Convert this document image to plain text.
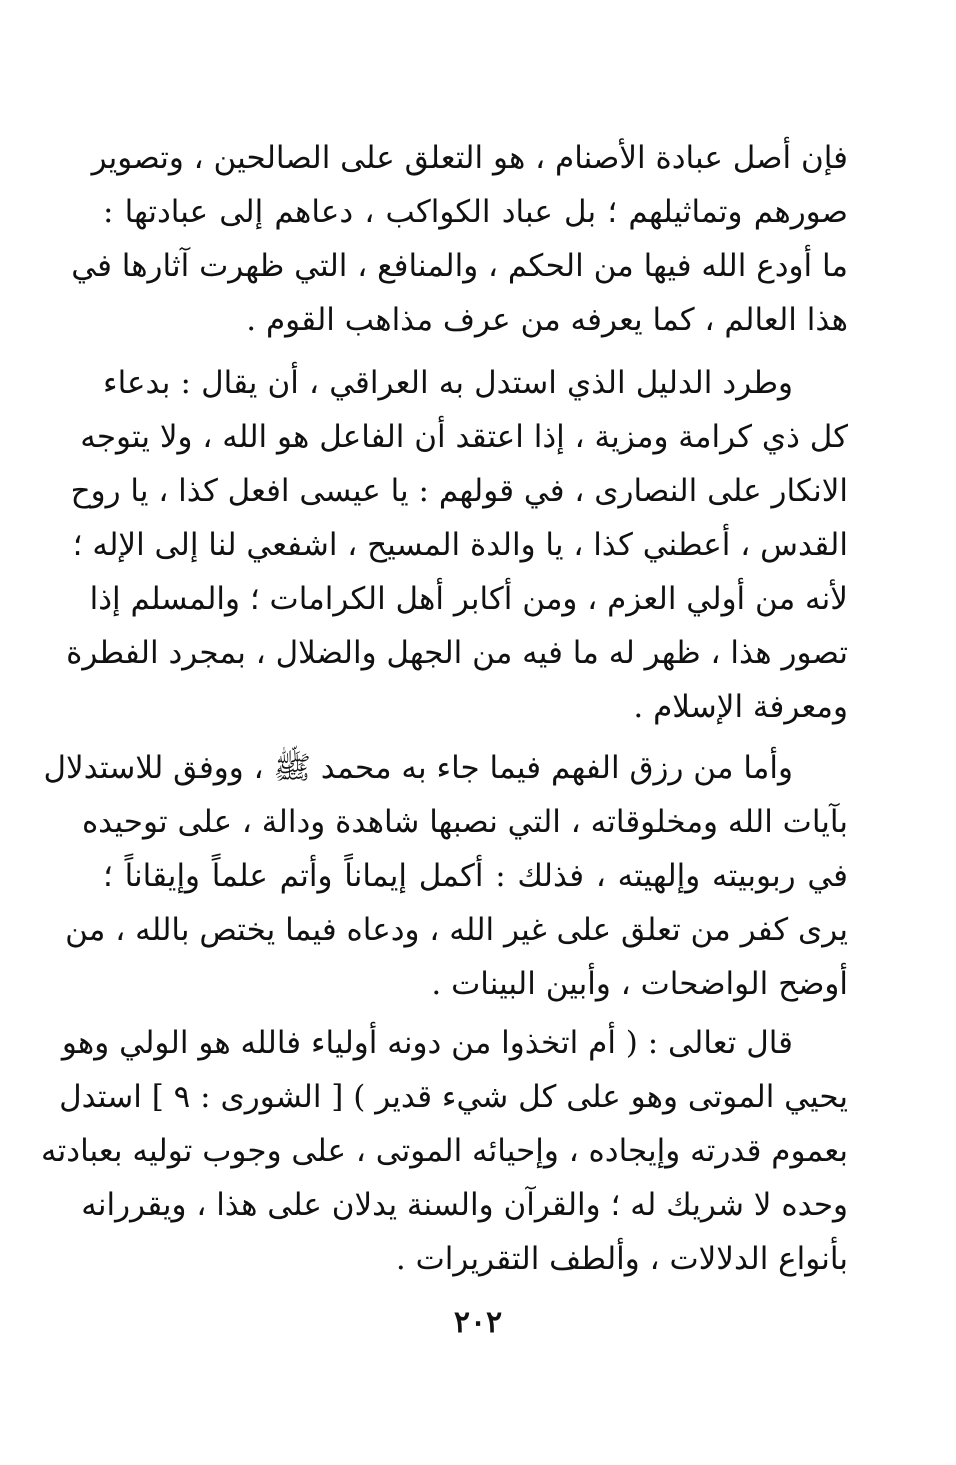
فإن أصل عبادة الأصنام ، هو التعلق على الصالحين ، وتصوير
صورهم وتماثيلهم ؛ بل عباد الكواكب ، دعاهم إلى عبادتها :
ما أودع الله فيها من الحكم ، والمنافع ، التي ظهرت آثارها في
هذا العالم ، كما يعرفه من عرف مذاهب القوم .
وطرد الدليل الذي استدل به العراقي ، أن يقال : بدعاء
كل ذي كرامة ومزية ، إذا اعتقد أن الفاعل هو الله ، ولا يتوجه
الانكار على النصارى ، في قولهم : يا عيسى افعل كذا ، يا روح
القدس ، أعطني كذا ، يا والدة المسيح ، اشفعي لنا إلى الإله ؛
لأنه من أولي العزم ، ومن أكابر أهل الكرامات ؛ والمسلم إذا
تصور هذا ، ظهر له ما فيه من الجهل والضلال ، بمجرد الفطرة
ومعرفة الإسلام .
وأما من رزق الفهم فيما جاء به محمد ﷺ ، ووفق للاستدلال
بآيات الله ومخلوقاته ، التي نصبها شاهدة ودالة ، على توحيده
في ربوبيته وإلهيته ، فذلك : أكمل إيماناً وأتم علماً وإيقاناً ؛
يرى كفر من تعلق على غير الله ، ودعاه فيما يختص بالله ، من
أوضح الواضحات ، وأبين البينات .
قال تعالى : ( أم اتخذوا من دونه أولياء فالله هو الولي وهو
يحيي الموتى وهو على كل شيء قدير ) [ الشورى : ٩ ] استدل
بعموم قدرته وإيجاده ، وإحيائه الموتى ، على وجوب توليه بعبادته
وحده لا شريك له ؛ والقرآن والسنة يدلان على هذا ، ويقررانه
بأنواع الدلالات ، وألطف التقريرات .
٢٠٢
